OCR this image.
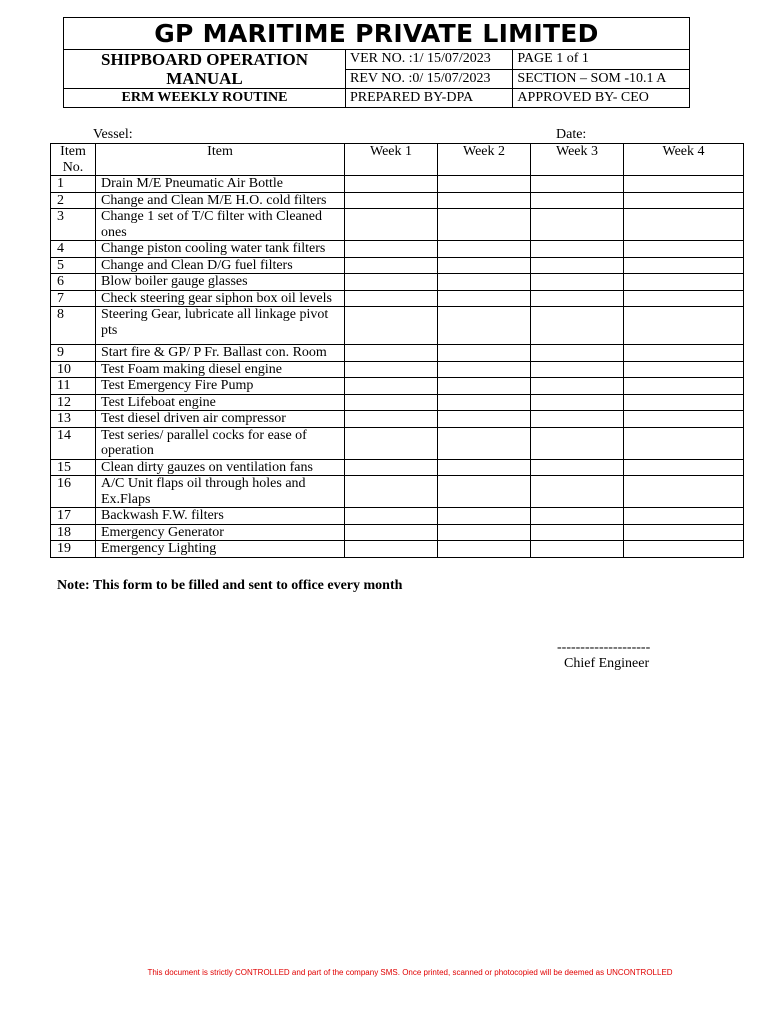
GP MARITIME PRIVATE LIMITED		
SHIPBOARD OPERATION MANUAL	VER NO. :1/ 15/07/2023	PAGE 1 of 1
	REV NO. :0/ 15/07/2023	SECTION – SOM -10.1 A
ERM WEEKLY ROUTINE	PREPARED BY-DPA	APPROVED BY- CEO
Vessel:	Date:
Item No.	Item	Week 1	Week 2	Week 3	Week 4
1	Drain M/E Pneumatic Air Bottle				
2	Change and Clean M/E H.O. cold filters				
3	Change 1 set of T/C filter with Cleaned ones				
4	Change piston cooling water tank filters				
5	Change and Clean D/G fuel filters				
6	Blow boiler gauge glasses				
7	Check steering gear siphon box oil levels				
8	Steering Gear, lubricate all linkage pivot pts				
9	Start fire & GP/ P Fr. Ballast con. Room				
10	Test Foam making diesel engine				
11	Test Emergency Fire Pump				
12	Test Lifeboat engine				
13	Test diesel driven air compressor				
14	Test series/ parallel cocks for ease of operation				
15	Clean dirty gauzes on ventilation fans				
16	A/C Unit flaps oil through holes and Ex.Flaps				
17	Backwash F.W. filters				
18	Emergency Generator				
19	Emergency Lighting				
Note: This form to be filled and sent to office every month
--------------------
Chief Engineer
This document is strictly CONTROLLED and part of the company SMS. Once printed, scanned or photocopied will be deemed as UNCONTROLLED
